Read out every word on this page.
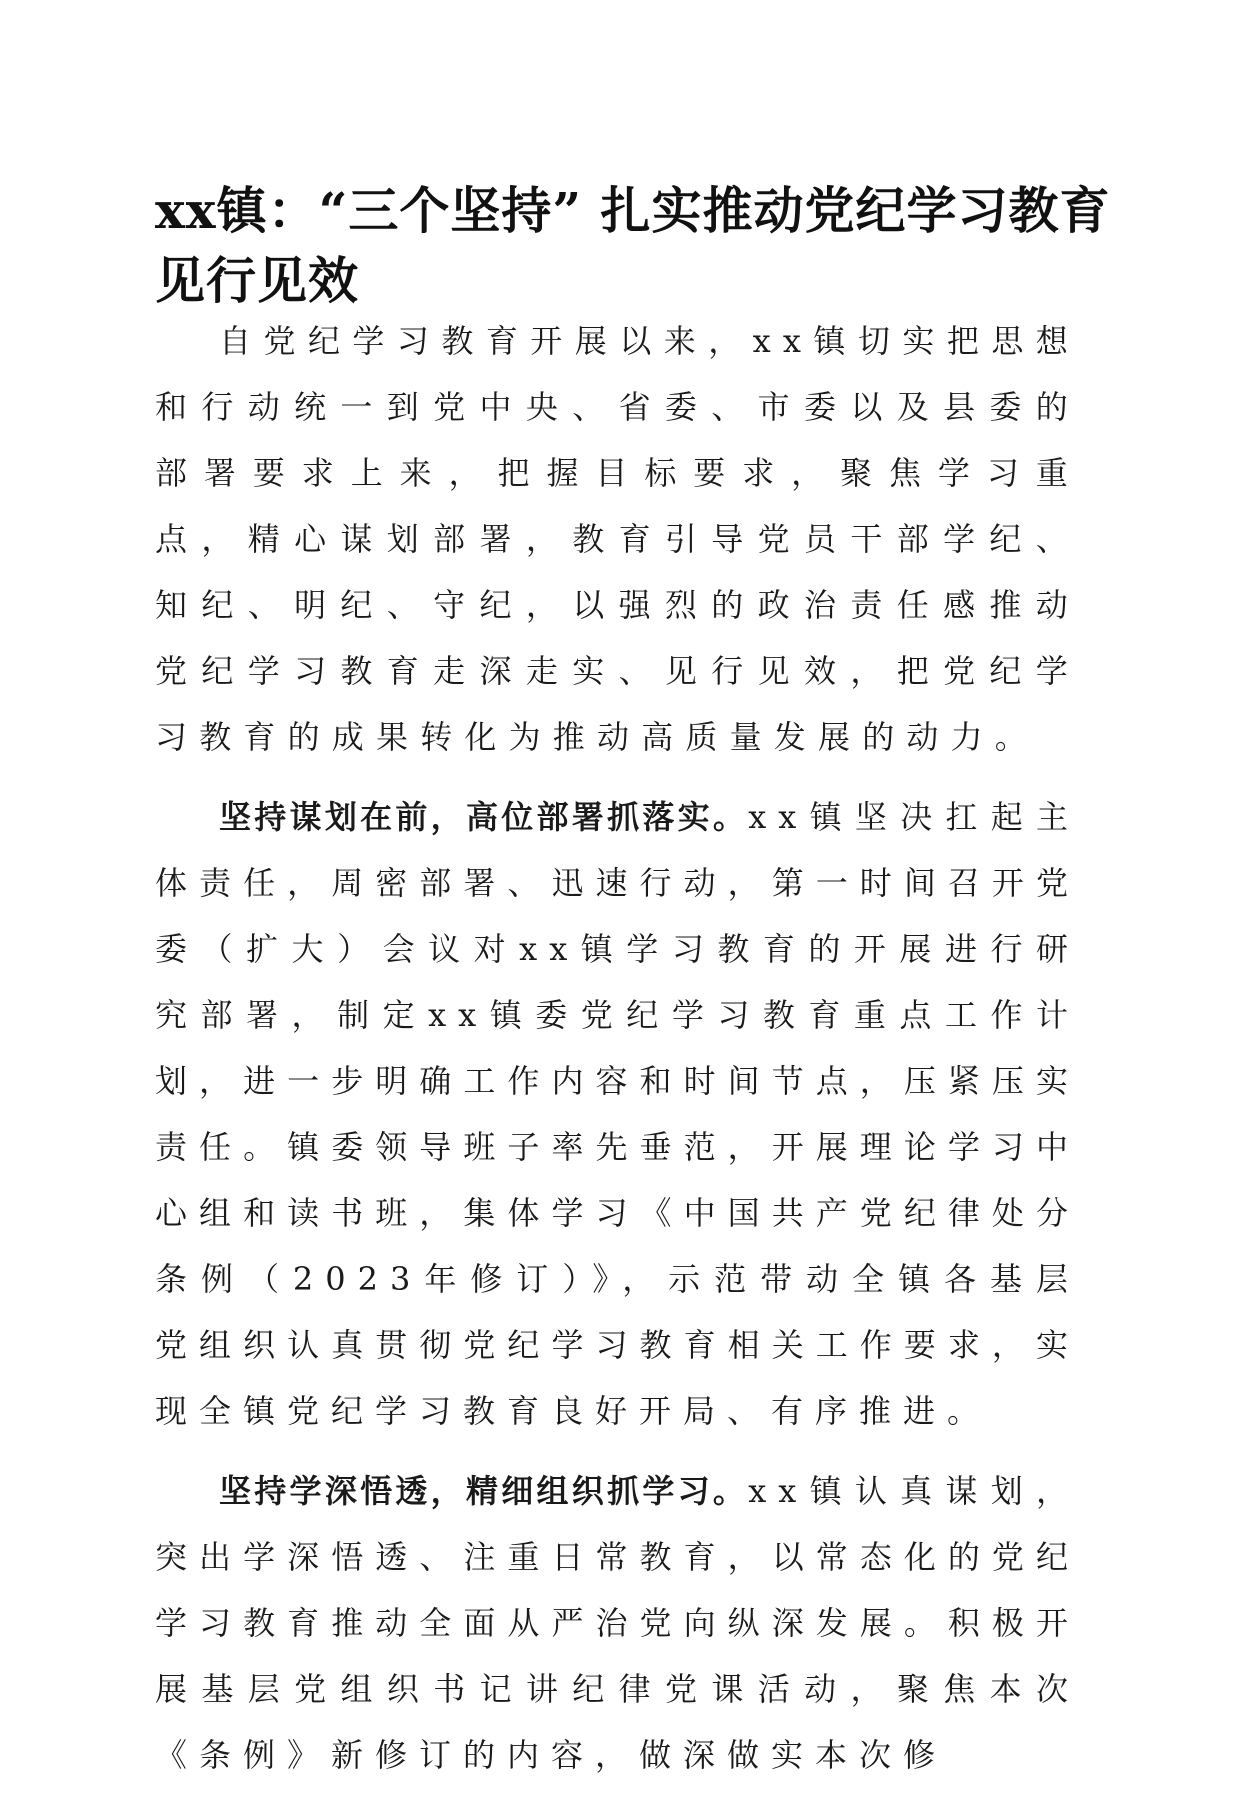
xx镇：“三个坚持” 扎实推动党纪学习教育
见行见效

自党纪学习教育开展以来，xx镇切实把思想和行动统一到党中央、省委、市委以及县委的部署要求上来，把握目标要求，聚焦学习重点，精心谋划部署，教育引导党员干部学纪、知纪、明纪、守纪，以强烈的政治责任感推动党纪学习教育走深走实、见行见效，把党纪学习教育的成果转化为推动高质量发展的动力。

坚持谋划在前，高位部署抓落实。xx镇坚决扛起主体责任，周密部署、迅速行动，第一时间召开党委（扩大）会议对xx镇学习教育的开展进行研究部署，制定xx镇委党纪学习教育重点工作计划，进一步明确工作内容和时间节点，压紧压实责任。镇委领导班子率先垂范，开展理论学习中心组和读书班，集体学习《中国共产党纪律处分条例（2023年修订）》，示范带动全镇各基层党组织认真贯彻党纪学习教育相关工作要求，实现全镇党纪学习教育良好开局、有序推进。

坚持学深悟透，精细组织抓学习。xx镇认真谋划，突出学深悟透、注重日常教育，以常态化的党纪学习教育推动全面从严治党向纵深发展。积极开展基层党组织书记讲纪律党课活动，聚焦本次《条例》新修订的内容，做深做实本次修
